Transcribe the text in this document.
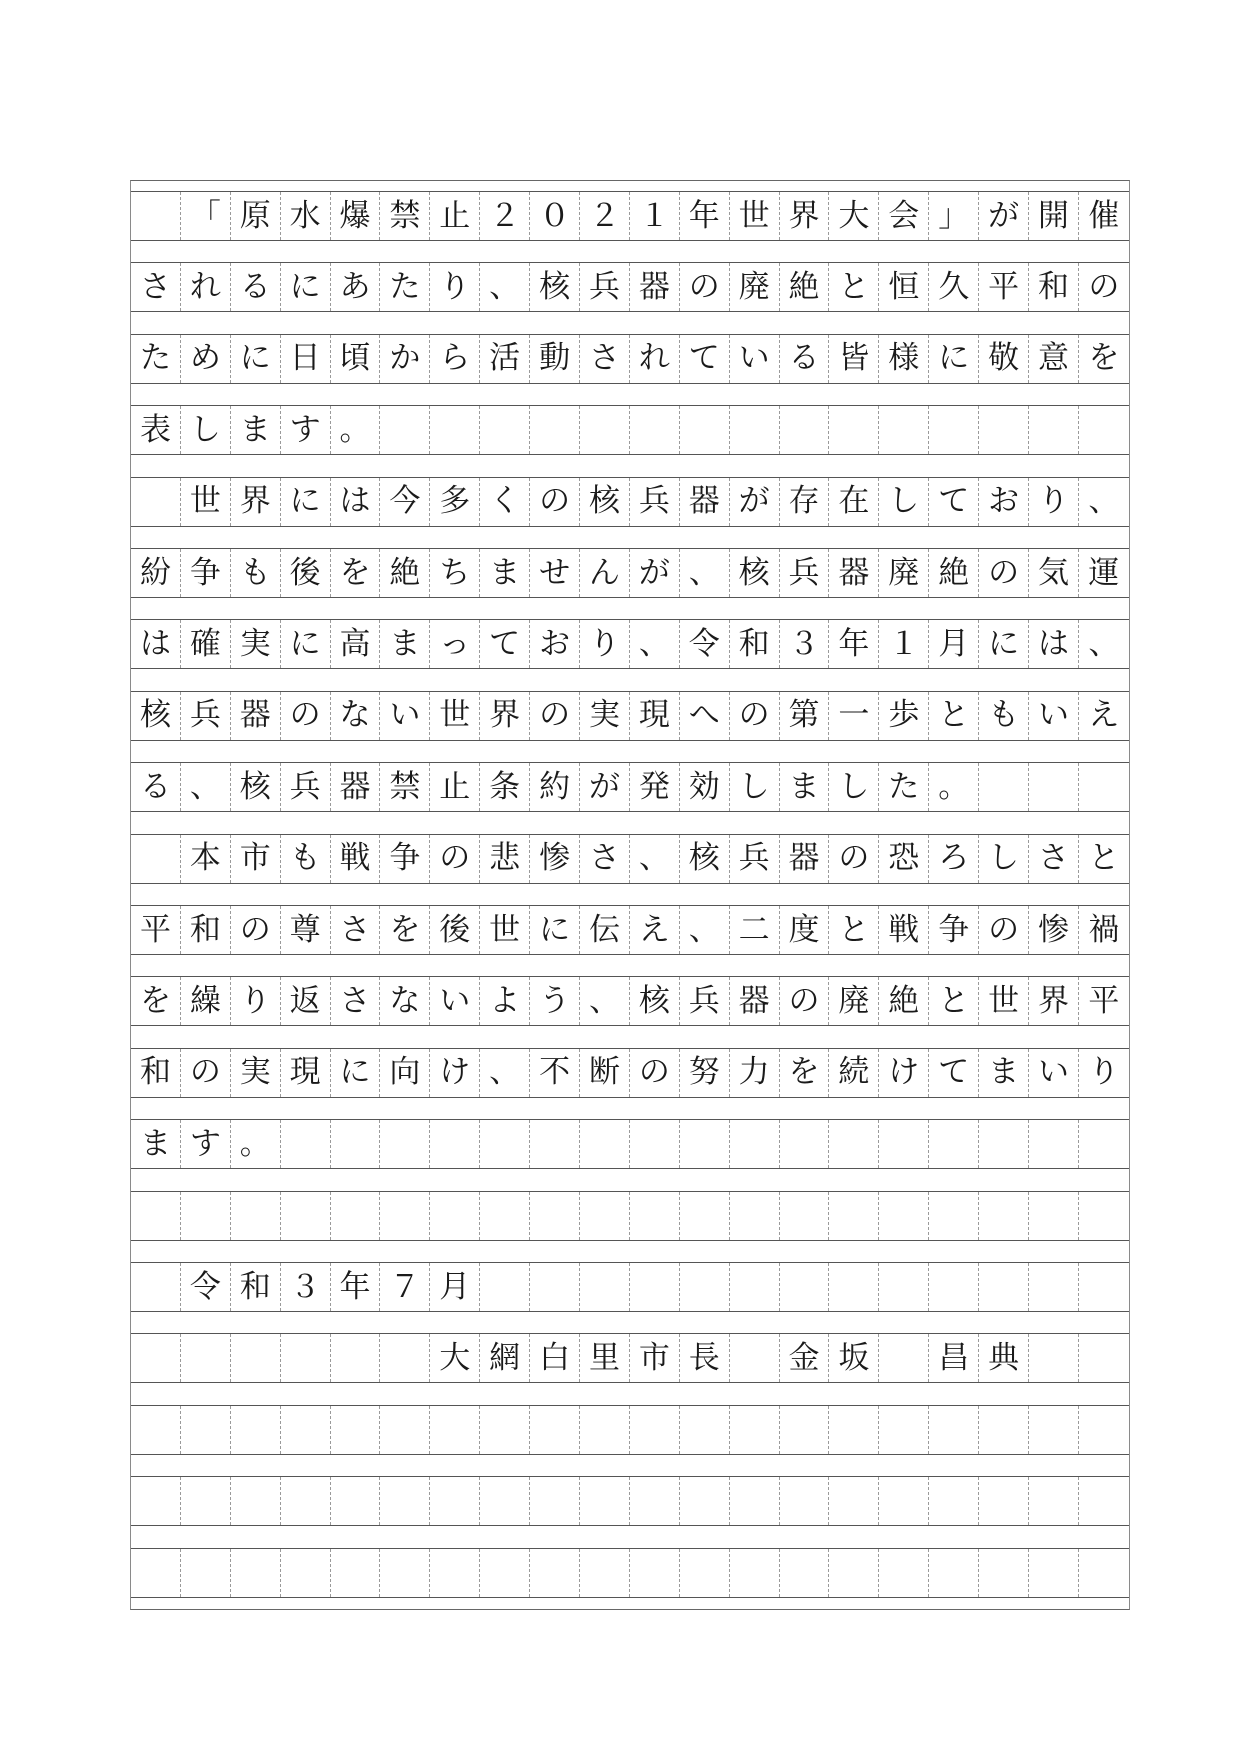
「 原 水 爆 禁 止 ２ ０ ２ １ 年 世 界 大 会 」 が 開 催
さ れ る に あ た り 、 核 兵 器 の 廃 絶 と 恒 久 平 和 の
た め に 日 頃 か ら 活 動 さ れ て い る 皆 様 に 敬 意 を
表 し ま す 。
世 界 に は 今 多 く の 核 兵 器 が 存 在 し て お り 、
紛 争 も 後 を 絶 ち ま せ ん が 、 核 兵 器 廃 絶 の 気 運
は 確 実 に 高 ま っ て お り 、 令 和 ３ 年 １ 月 に は 、
核 兵 器 の な い 世 界 の 実 現 へ の 第 一 歩 と も い え
る 、 核 兵 器 禁 止 条 約 が 発 効 し ま し た 。
本 市 も 戦 争 の 悲 惨 さ 、 核 兵 器 の 恐 ろ し さ と
平 和 の 尊 さ を 後 世 に 伝 え 、 二 度 と 戦 争 の 惨 禍
を 繰 り 返 さ な い よ う 、 核 兵 器 の 廃 絶 と 世 界 平
和 の 実 現 に 向 け 、 不 断 の 努 力 を 続 け て ま い り
ま す 。
令 和 ３ 年 ７ 月
大 網 白 里 市 長	金 坂	昌 典
